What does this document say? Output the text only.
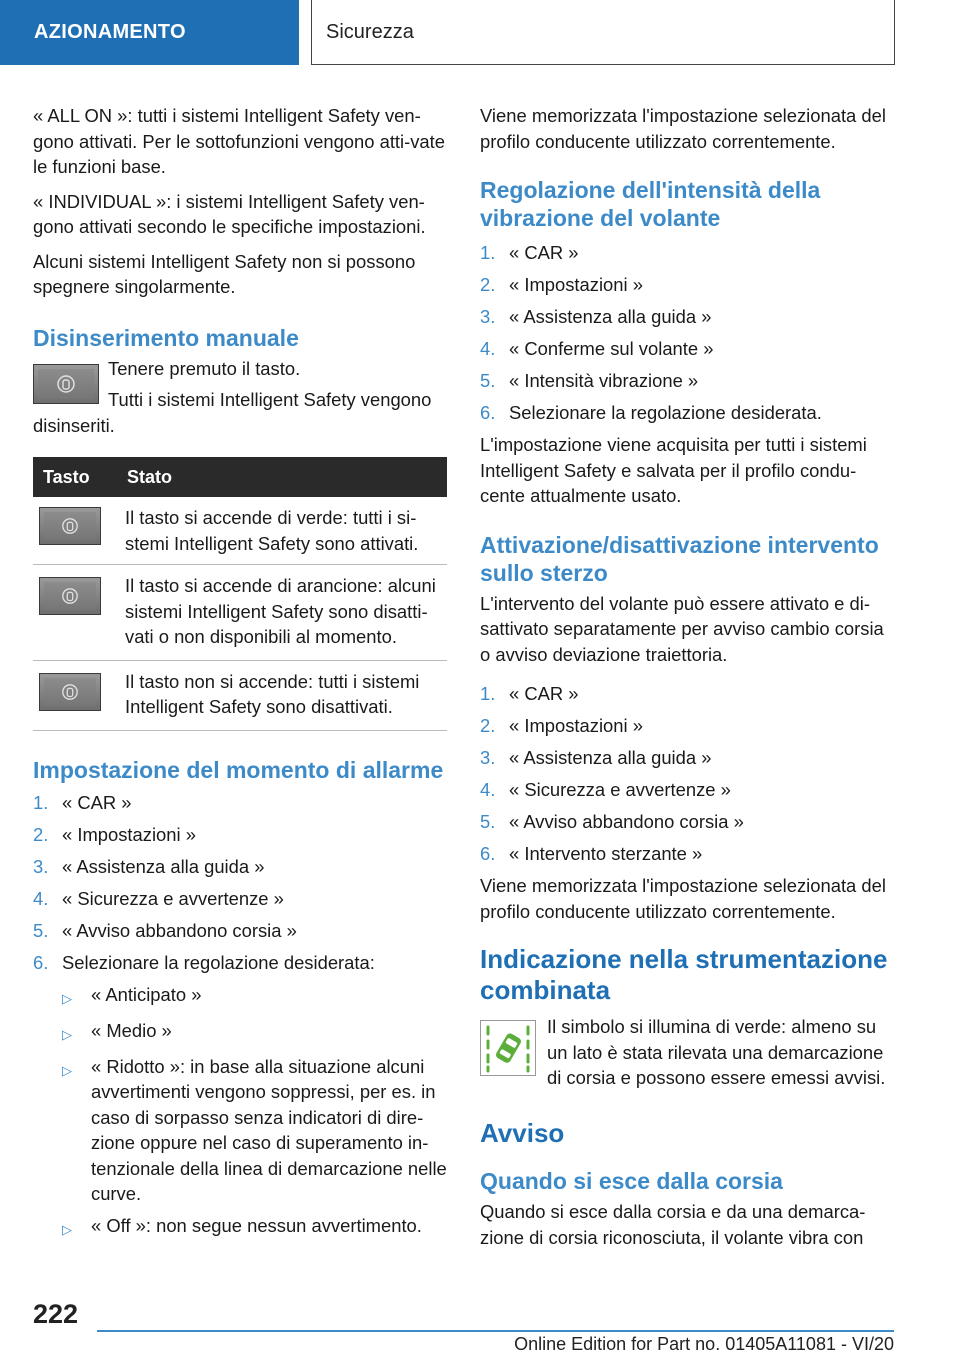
AZIONAMENTO	Sicurezza

« ALL ON »: tutti i sistemi Intelligent Safety ven-gono attivati. Per le sottofunzioni vengono atti-vate le funzioni base.

« INDIVIDUAL »: i sistemi Intelligent Safety ven-gono attivati secondo le specifiche impostazioni.

Alcuni sistemi Intelligent Safety non si possono spegnere singolarmente.

Disinserimento manuale

Tenere premuto il tasto.

Tutti i sistemi Intelligent Safety vengono disinseriti.

Tasto	Stato

	Il tasto si accende di verde: tutti i si-stemi Intelligent Safety sono attivati.

	Il tasto si accende di arancione: alcuni sistemi Intelligent Safety sono disatti-vati o non disponibili al momento.

	Il tasto non si accende: tutti i sistemi Intelligent Safety sono disattivati.
Impostazione del momento di allarme
1. « CAR »
2. « Impostazioni »
3. « Assistenza alla guida »
4. « Sicurezza e avvertenze »
5. « Avviso abbandono corsia »
6. Selezionare la regolazione desiderata:
▷	« Anticipato »
▷	« Medio »
▷	« Ridotto »: in base alla situazione alcuni avvertimenti vengono soppressi, per es. in caso di sorpasso senza indicatori di dire-zione oppure nel caso di superamento in-tenzionale della linea di demarcazione nelle curve.
▷	« Off »: non segue nessun avvertimento.

Viene memorizzata l'impostazione selezionata del profilo conducente utilizzato correntemente.

Regolazione dell'intensità della vibrazione del volante
1. « CAR »
2. « Impostazioni »
3. « Assistenza alla guida »
4. « Conferme sul volante »
5. « Intensità vibrazione »
6. Selezionare la regolazione desiderata.

L'impostazione viene acquisita per tutti i sistemi Intelligent Safety e salvata per il profilo condu-cente attualmente usato.

Attivazione/disattivazione intervento sullo sterzo

L'intervento del volante può essere attivato e di-sattivato separatamente per avviso cambio corsia o avviso deviazione traiettoria.

1. « CAR »
2. « Impostazioni »
3. « Assistenza alla guida »
4. « Sicurezza e avvertenze »
5. « Avviso abbandono corsia »
6. « Intervento sterzante »

Viene memorizzata l'impostazione selezionata del profilo conducente utilizzato correntemente.

Indicazione nella strumentazione combinata

Il simbolo si illumina di verde: almeno su un lato è stata rilevata una demarcazione di corsia e possono essere emessi avvisi.

Avviso
Quando si esce dalla corsia

Quando si esce dalla corsia e da una demarca-zione di corsia riconosciuta, il volante vibra con

222
Online Edition for Part no. 01405A11081 - VI/20
